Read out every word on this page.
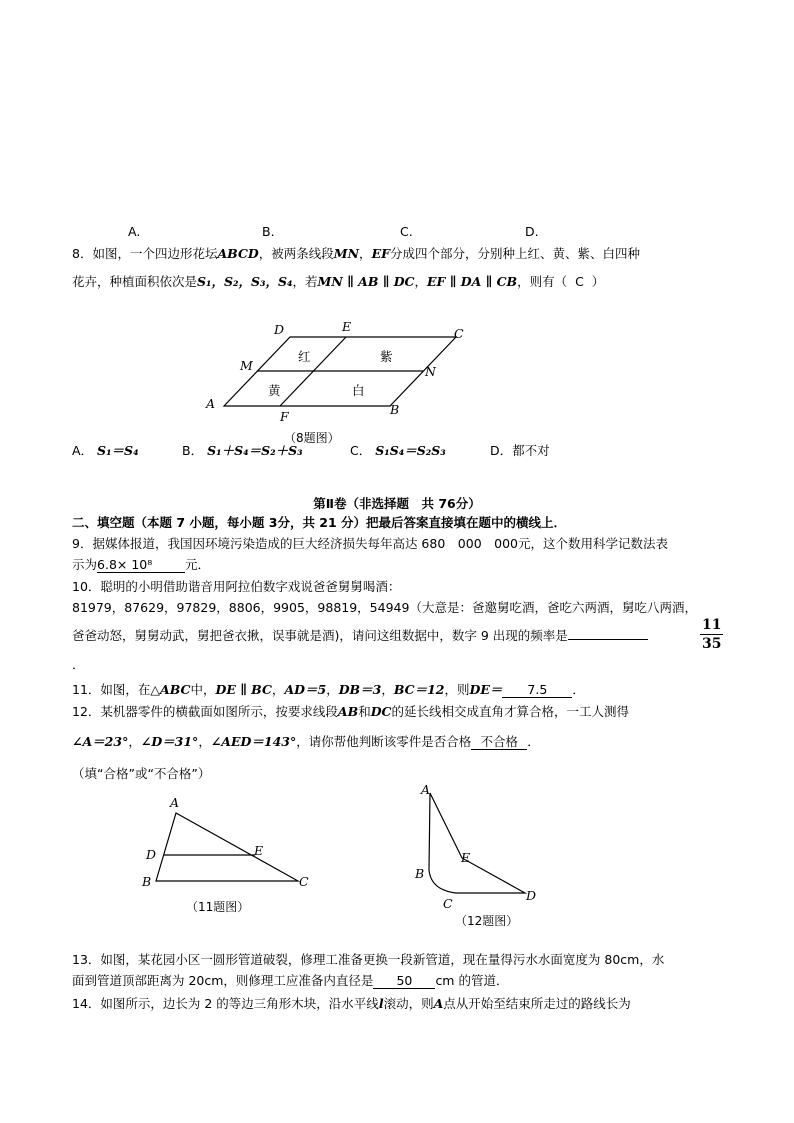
A.	B.	C.	D.
8．如图，一个四边形花坛ABCD，被两条线段MN，EF分成四个部分，分别种上红、黄、紫、白四种
花卉，种植面积依次是S₁，S₂，S₃，S₄，若MN ∥ AB ∥ DC，EF ∥ DA ∥ CB，则有（ C ）
D	E	C
M	N
A	B
F
红	紫
黄	白
（8题图）
A． S₁＝S₄	B． S₁＋S₄＝S₂＋S₃	C． S₁S₄＝S₂S₃	D．都不对
第Ⅱ卷（非选择题　共 76分）
二、填空题（本题 7 小题，每小题 3分，共 21 分）把最后答案直接填在题中的横线上．
9．据媒体报道，我国因环境污染造成的巨大经济损失每年高达 680　000　000元，这个数用科学记数法表
示为6.8× 10⁸	元．
10．聪明的小明借助谐音用阿拉伯数字戏说爸爸舅舅喝酒：
81979，87629，97829，8806，9905，98819，54949（大意是：爸邀舅吃酒，爸吃六两酒，舅吃八两酒，
爸爸动怒，舅舅动武，舅把爸衣揪，误事就是酒)，请问这组数据中，数字 9 出现的频率是	$\frac{11}{35}$
．
11．如图，在△ABC中，DE ∥ BC，AD＝5，DB＝3，BC＝12，则DE＝ 7.5 ．
12．某机器零件的横截面如图所示，按要求线段AB和DC的延长线相交成直角才算合格，一工人测得
∠A＝23°，∠D＝31°，∠AED＝143°，请你帮他判断该零件是否合格 不合格 ．
（填“合格”或“不合格”）
A
D	E
B	C
（11题图）
A
E
B
C
D
（12题图）
13．如图，某花园小区一圆形管道破裂，修理工准备更换一段新管道，现在量得污水水面宽度为 80cm，水
面到管道顶部距离为 20cm，则修理工应准备内直径是 50 cm 的管道．
14．如图所示，边长为 2 的等边三角形木块，沿水平线l滚动，则A点从开始至结束所走过的路线长为
